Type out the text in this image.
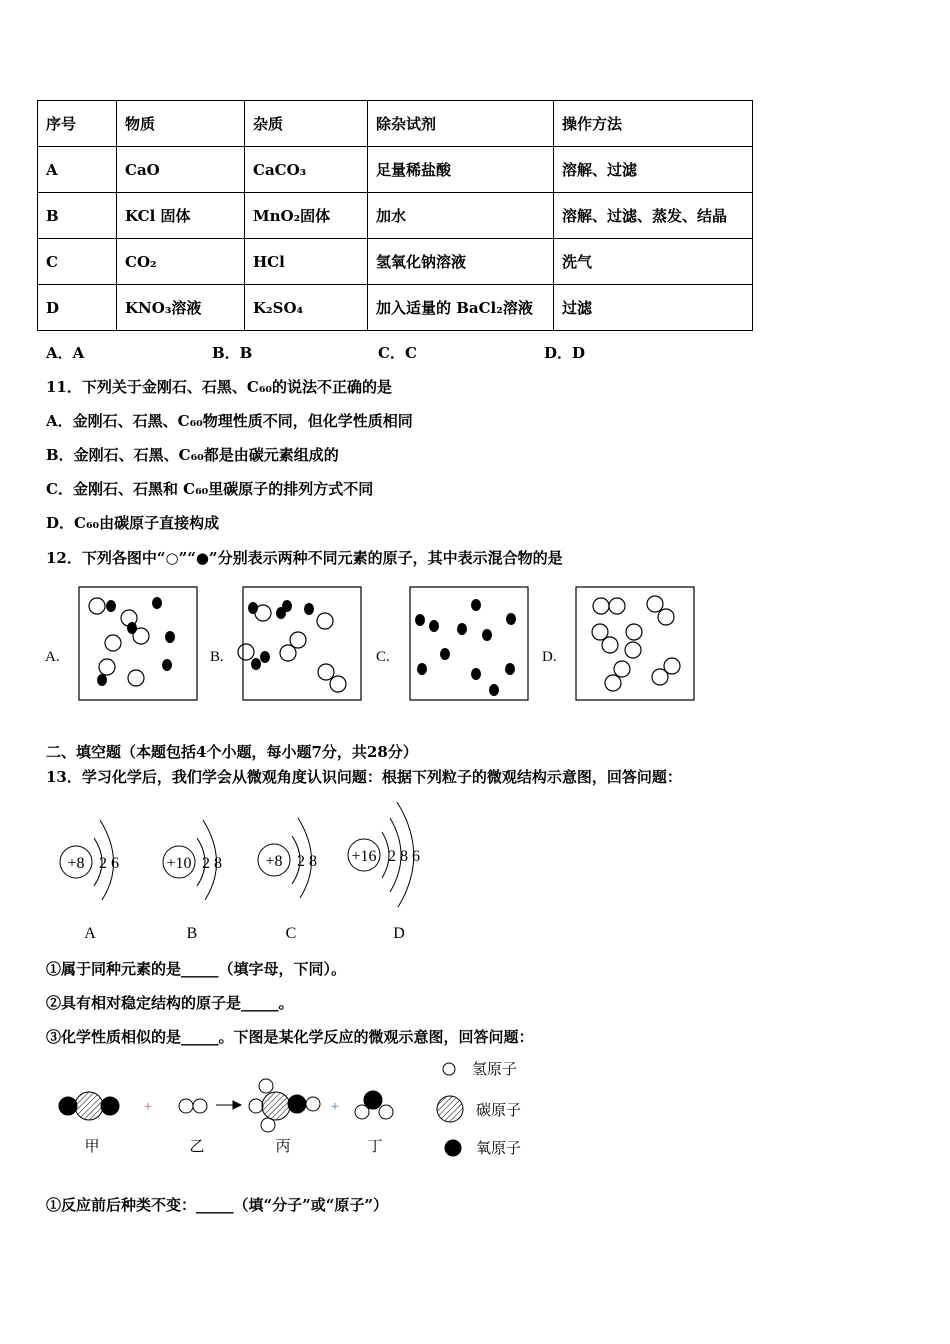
序号	物质	杂质	除杂试剂	操作方法
A	CaO	CaCO₃	足量稀盐酸	溶解、过滤
B	KCl 固体	MnO₂固体	加水	溶解、过滤、蒸发、结晶
C	CO₂	HCl	氢氧化钠溶液	洗气
D	KNO₃溶液	K₂SO₄	加入适量的 BaCl₂溶液	过滤
A．A	B．B	C．C	D．D
11．下列关于金刚石、石黑、C₆₀的说法不正确的是
A．金刚石、石黑、C₆₀物理性质不同，但化学性质相同
B．金刚石、石黑、C₆₀都是由碳元素组成的
C．金刚石、石黑和 C₆₀里碳原子的排列方式不同
D．C₆₀由碳原子直接构成
12．下列各图中“○”“●”分别表示两种不同元素的原子，其中表示混合物的是
A.	B.	C.	D.
二、填空题（本题包括4个小题，每小题7分，共28分）
13．学习化学后，我们学会从微观角度认识问题：根据下列粒子的微观结构示意图，回答问题：
+8 2 6	+10 2 8	+8 2 8 +16 2 8 6
A	B	C	D
①属于同种元素的是_____（填字母，下同）。
②具有相对稳定结构的原子是_____。
③化学性质相似的是_____。下图是某化学反应的微观示意图，回答问题：
+	+
甲	乙	丙	丁
氢原子
碳原子
氧原子
①反应前后种类不变：_____（填“分子”或“原子”）
